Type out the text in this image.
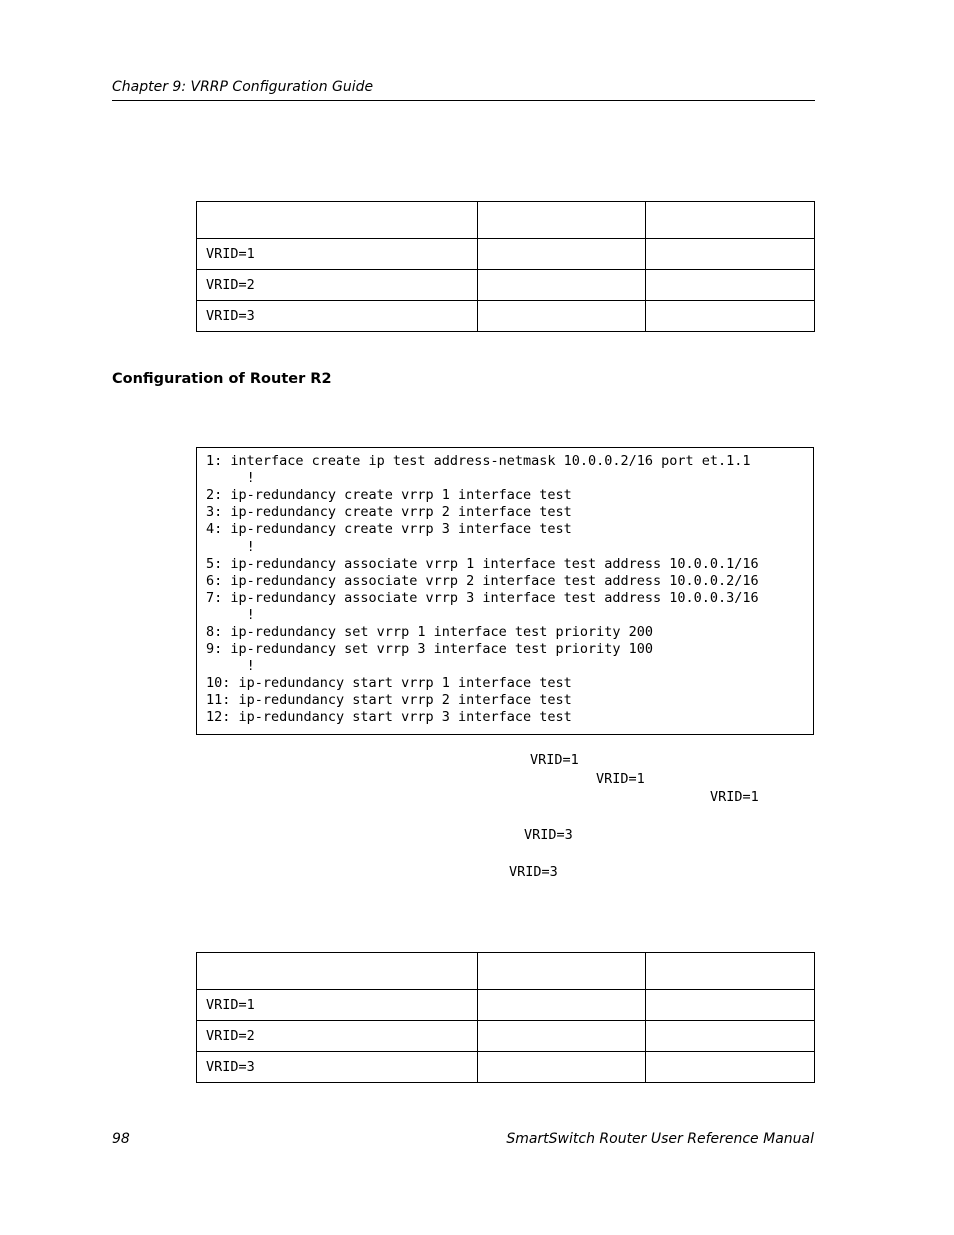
Chapter 9: VRRP Configuration Guide

VRID=1		
VRID=2		
VRID=3		
Configuration of Router R2
1: interface create ip test address-netmask 10.0.0.2/16 port et.1.1
!
2: ip-redundancy create vrrp 1 interface test
3: ip-redundancy create vrrp 2 interface test
4: ip-redundancy create vrrp 3 interface test
!
5: ip-redundancy associate vrrp 1 interface test address 10.0.0.1/16
6: ip-redundancy associate vrrp 2 interface test address 10.0.0.2/16
7: ip-redundancy associate vrrp 3 interface test address 10.0.0.3/16
!
8: ip-redundancy set vrrp 1 interface test priority 200
9: ip-redundancy set vrrp 3 interface test priority 100
!
10: ip-redundancy start vrrp 1 interface test
11: ip-redundancy start vrrp 2 interface test
12: ip-redundancy start vrrp 3 interface test
VRID=1
VRID=1
VRID=1
VRID=3
VRID=3

VRID=1		
VRID=2		
VRID=3		
98	SmartSwitch Router User Reference Manual
